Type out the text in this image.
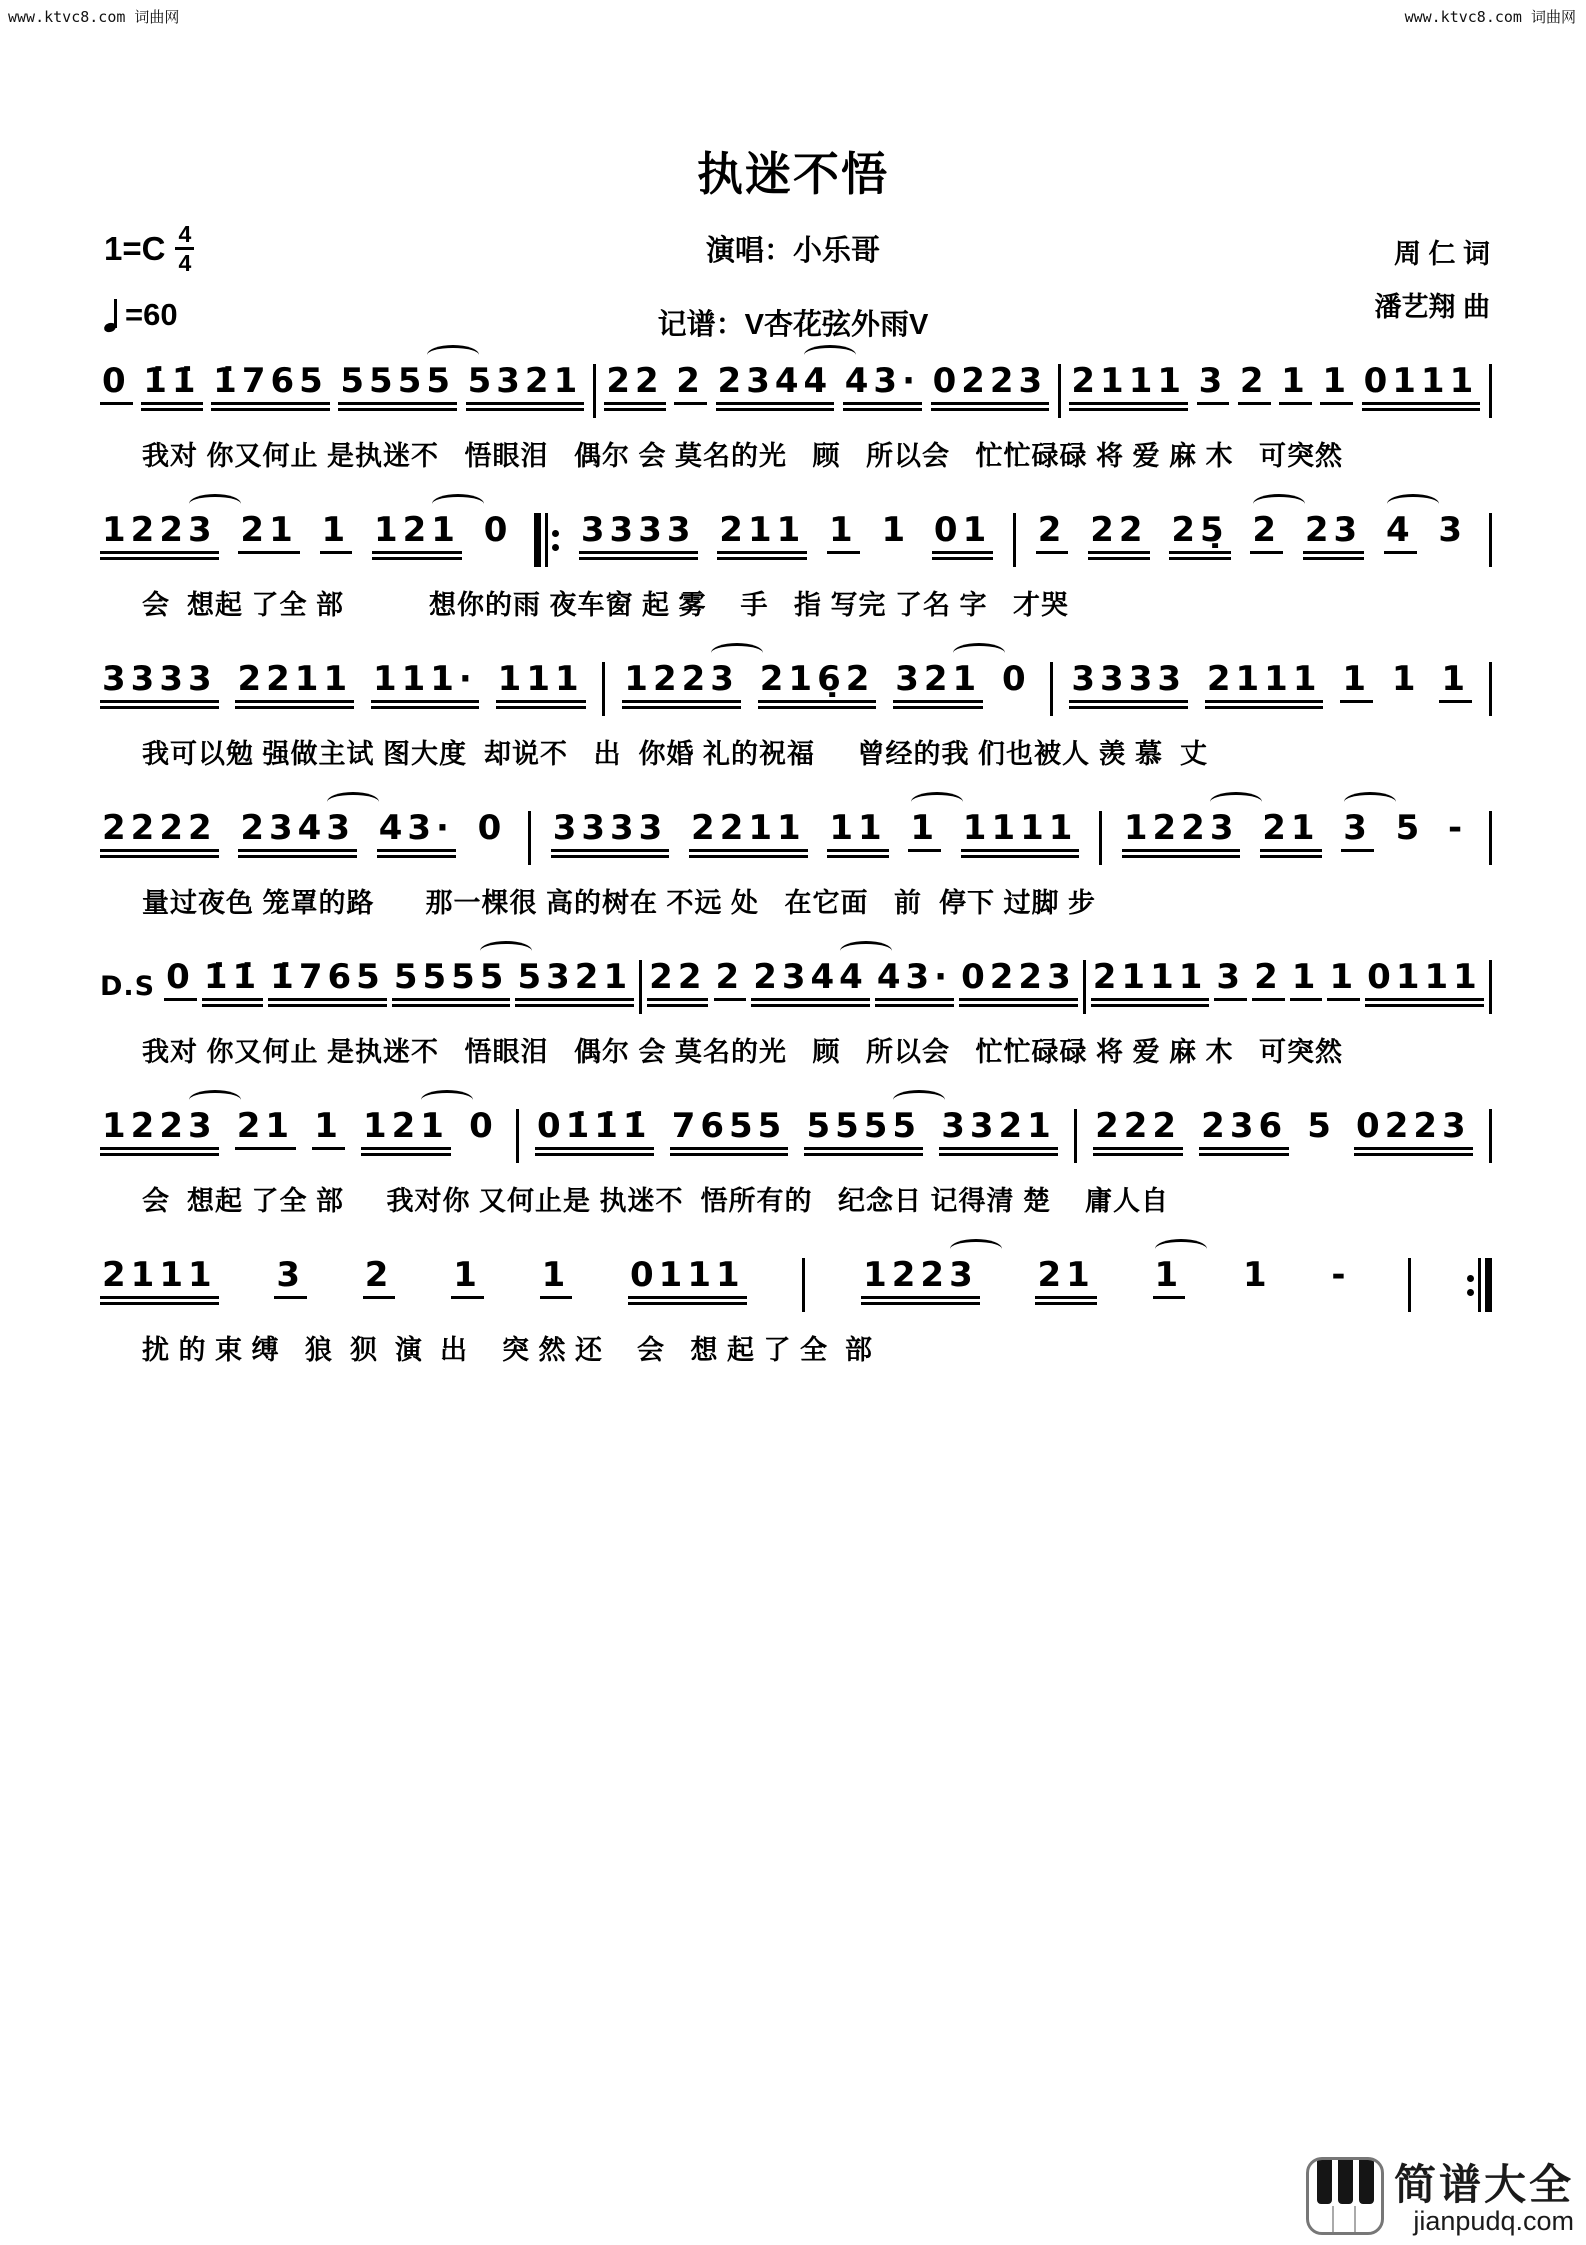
www.ktvc8.com 词曲网	www.ktvc8.com 词曲网
执迷不悟
演唱：小乐哥
记谱：V杏花弦外雨V
1=C 4
4
=60
周 仁 词
潘艺翔 曲
0 1̇1̇ 1̇765 5555 5321 22 2 2344 43· 0223 2111 3 2 1 1 0111
我对 你又何止 是执迷不   悟眼泪   偶尔 会 莫名的光   顾   所以会   忙忙碌碌 将 爱 麻 木   可突然
1223 21 1 121 0 3333 211 1 1 01 2 22 25̣ 2 23 4 3
会  想起 了全 部          想你的雨 夜车窗 起 雾    手   指 写完 了名 字   才哭
3333 2211 111· 111 1223 216̣2 321 0 3333 2111 1 1 1
我可以勉 强做主试 图大度  却说不   出  你婚 礼的祝福     曾经的我 们也被人 羡 慕  丈
2222 2343 43· 0 3333 2211 11 1 1111 1223 21 3 5 -
量过夜色 笼罩的路      那一棵很 高的树在 不远 处   在它面   前  停下 过脚 步
D.S 0 1̇1̇ 1̇765 5555 5321 22 2 2344 43· 0223 2111 3 2 1 1 0111
我对 你又何止 是执迷不   悟眼泪   偶尔 会 莫名的光   顾   所以会   忙忙碌碌 将 爱 麻 木   可突然
1223 21 1 121 0 01̇1̇1̇ 7655 5555 3321 222 236 5 0223
会  想起 了全 部     我对你 又何止是 执迷不  悟所有的   纪念日 记得清 楚    庸人自
2111 3 2 1 1 0111	1223 21 1 1 -
扰 的 束 缚   狼  狈  演  出    突 然 还    会   想 起 了 全  部
简谱大全
jianpudq.com
